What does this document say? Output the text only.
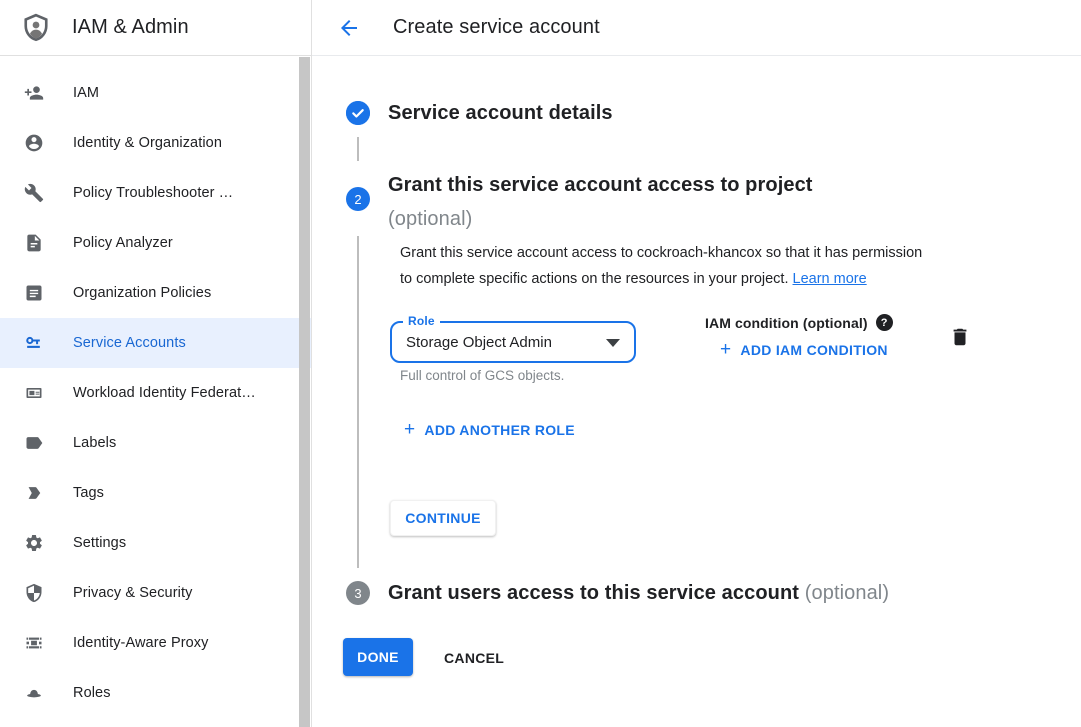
IAM & Admin
IAM
Identity & Organization
Policy Troubleshooter …
Policy Analyzer
Organization Policies
Service Accounts
Workload Identity Federat…
Labels
Tags
Settings
Privacy & Security
Identity-Aware Proxy
Roles
Create service account
Service account details
2
Grant this service account access to project
(optional)
Grant this service account access to cockroach-khancox so that it has permission
to complete specific actions on the resources in your project. Learn more
Role
Storage Object Admin
Full control of GCS objects.
IAM condition (optional) ?
+ ADD IAM CONDITION
+ ADD ANOTHER ROLE
CONTINUE
3 Grant users access to this service account (optional)
DONE	CANCEL
